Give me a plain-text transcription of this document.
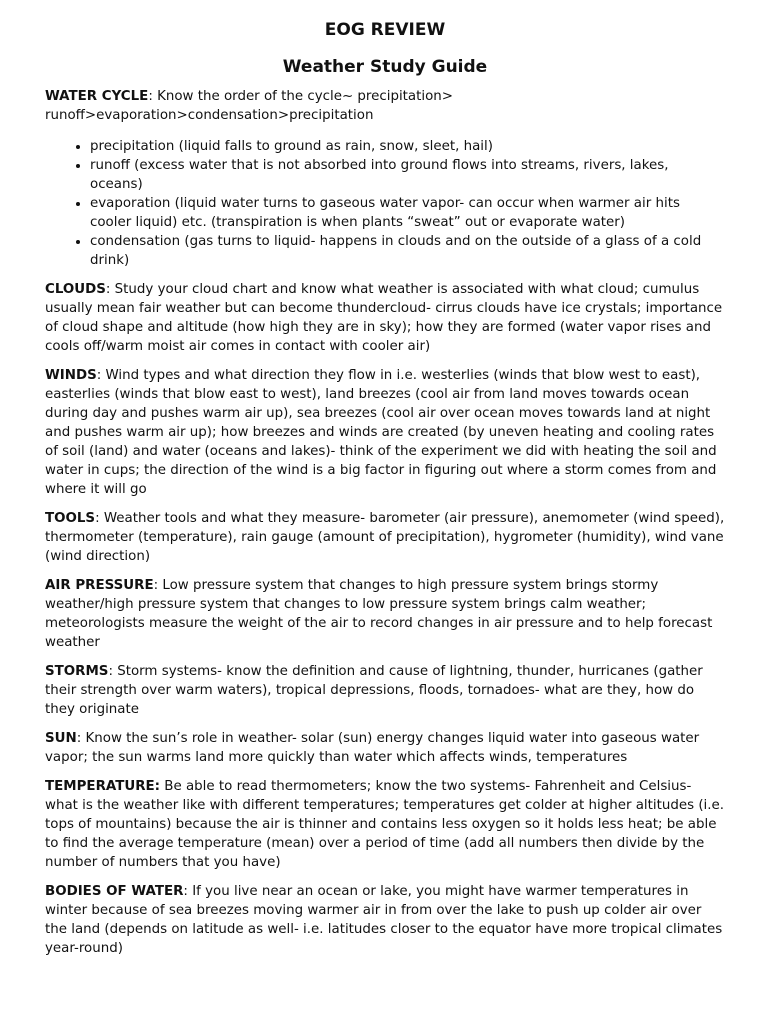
EOG REVIEW
Weather Study Guide
WATER CYCLE: Know the order of the cycle~ precipitation> runoff>evaporation>condensation>precipitation
• precipitation (liquid falls to ground as rain, snow, sleet, hail)
• runoff (excess water that is not absorbed into ground flows into streams, rivers, lakes, oceans)
• evaporation (liquid water turns to gaseous water vapor- can occur when warmer air hits cooler liquid) etc. (transpiration is when plants “sweat” out or evaporate water)
• condensation (gas turns to liquid- happens in clouds and on the outside of a glass of a cold drink)
CLOUDS: Study your cloud chart and know what weather is associated with what cloud; cumulus usually mean fair weather but can become thundercloud- cirrus clouds have ice crystals; importance of cloud shape and altitude (how high they are in sky); how they are formed (water vapor rises and cools off/warm moist air comes in contact with cooler air)
WINDS: Wind types and what direction they flow in i.e. westerlies (winds that blow west to east), easterlies (winds that blow east to west), land breezes (cool air from land moves towards ocean during day and pushes warm air up), sea breezes (cool air over ocean moves towards land at night and pushes warm air up); how breezes and winds are created (by uneven heating and cooling rates of soil (land) and water (oceans and lakes)- think of the experiment we did with heating the soil and water in cups; the direction of the wind is a big factor in figuring out where a storm comes from and where it will go
TOOLS: Weather tools and what they measure- barometer (air pressure), anemometer (wind speed), thermometer (temperature), rain gauge (amount of precipitation), hygrometer (humidity), wind vane (wind direction)
AIR PRESSURE: Low pressure system that changes to high pressure system brings stormy weather/high pressure system that changes to low pressure system brings calm weather; meteorologists measure the weight of the air to record changes in air pressure and to help forecast weather
STORMS: Storm systems- know the definition and cause of lightning, thunder, hurricanes (gather their strength over warm waters), tropical depressions, floods, tornadoes- what are they, how do they originate
SUN: Know the sun’s role in weather- solar (sun) energy changes liquid water into gaseous water vapor; the sun warms land more quickly than water which affects winds, temperatures
TEMPERATURE: Be able to read thermometers; know the two systems- Fahrenheit and Celsius- what is the weather like with different temperatures; temperatures get colder at higher altitudes (i.e. tops of mountains) because the air is thinner and contains less oxygen so it holds less heat; be able to find the average temperature (mean) over a period of time (add all numbers then divide by the number of numbers that you have)
BODIES OF WATER: If you live near an ocean or lake, you might have warmer temperatures in winter because of sea breezes moving warmer air in from over the lake to push up colder air over the land (depends on latitude as well- i.e. latitudes closer to the equator have more tropical climates year-round)
